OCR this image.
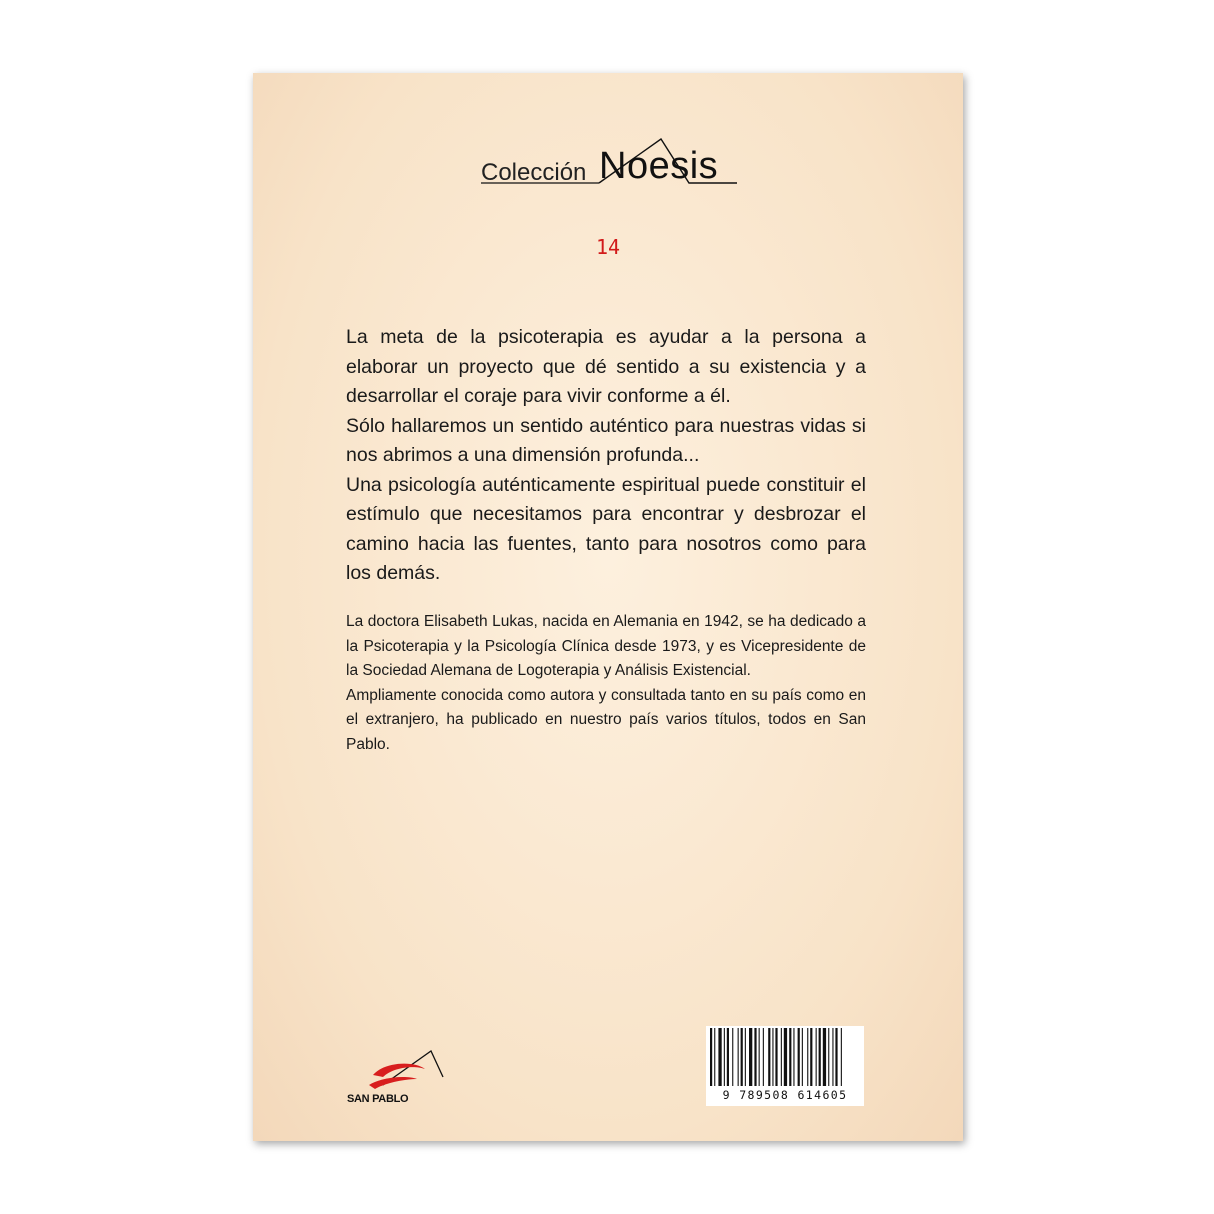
Colección Noesis
14

La meta de la psicoterapia es ayudar a la persona a elaborar un proyecto que dé sentido a su existencia y a desarrollar el coraje para vivir conforme a él.

Sólo hallaremos un sentido auténtico para nuestras vidas si nos abrimos a una dimensión profunda...

Una psicología auténticamente espiritual puede constituir el estímulo que necesitamos para encontrar y desbrozar el camino hacia las fuentes, tanto para nosotros como para los demás.

La doctora Elisabeth Lukas, nacida en Alemania en 1942, se ha dedicado a la Psicoterapia y la Psicología Clínica desde 1973, y es Vicepresidente de la Sociedad Alemana de Logoterapia y Análisis Existencial.

Ampliamente conocida como autora y consultada tanto en su país como en el extranjero, ha publicado en nuestro país varios títulos, todos en San Pablo.

SAN PABLO	9 789508 614605
